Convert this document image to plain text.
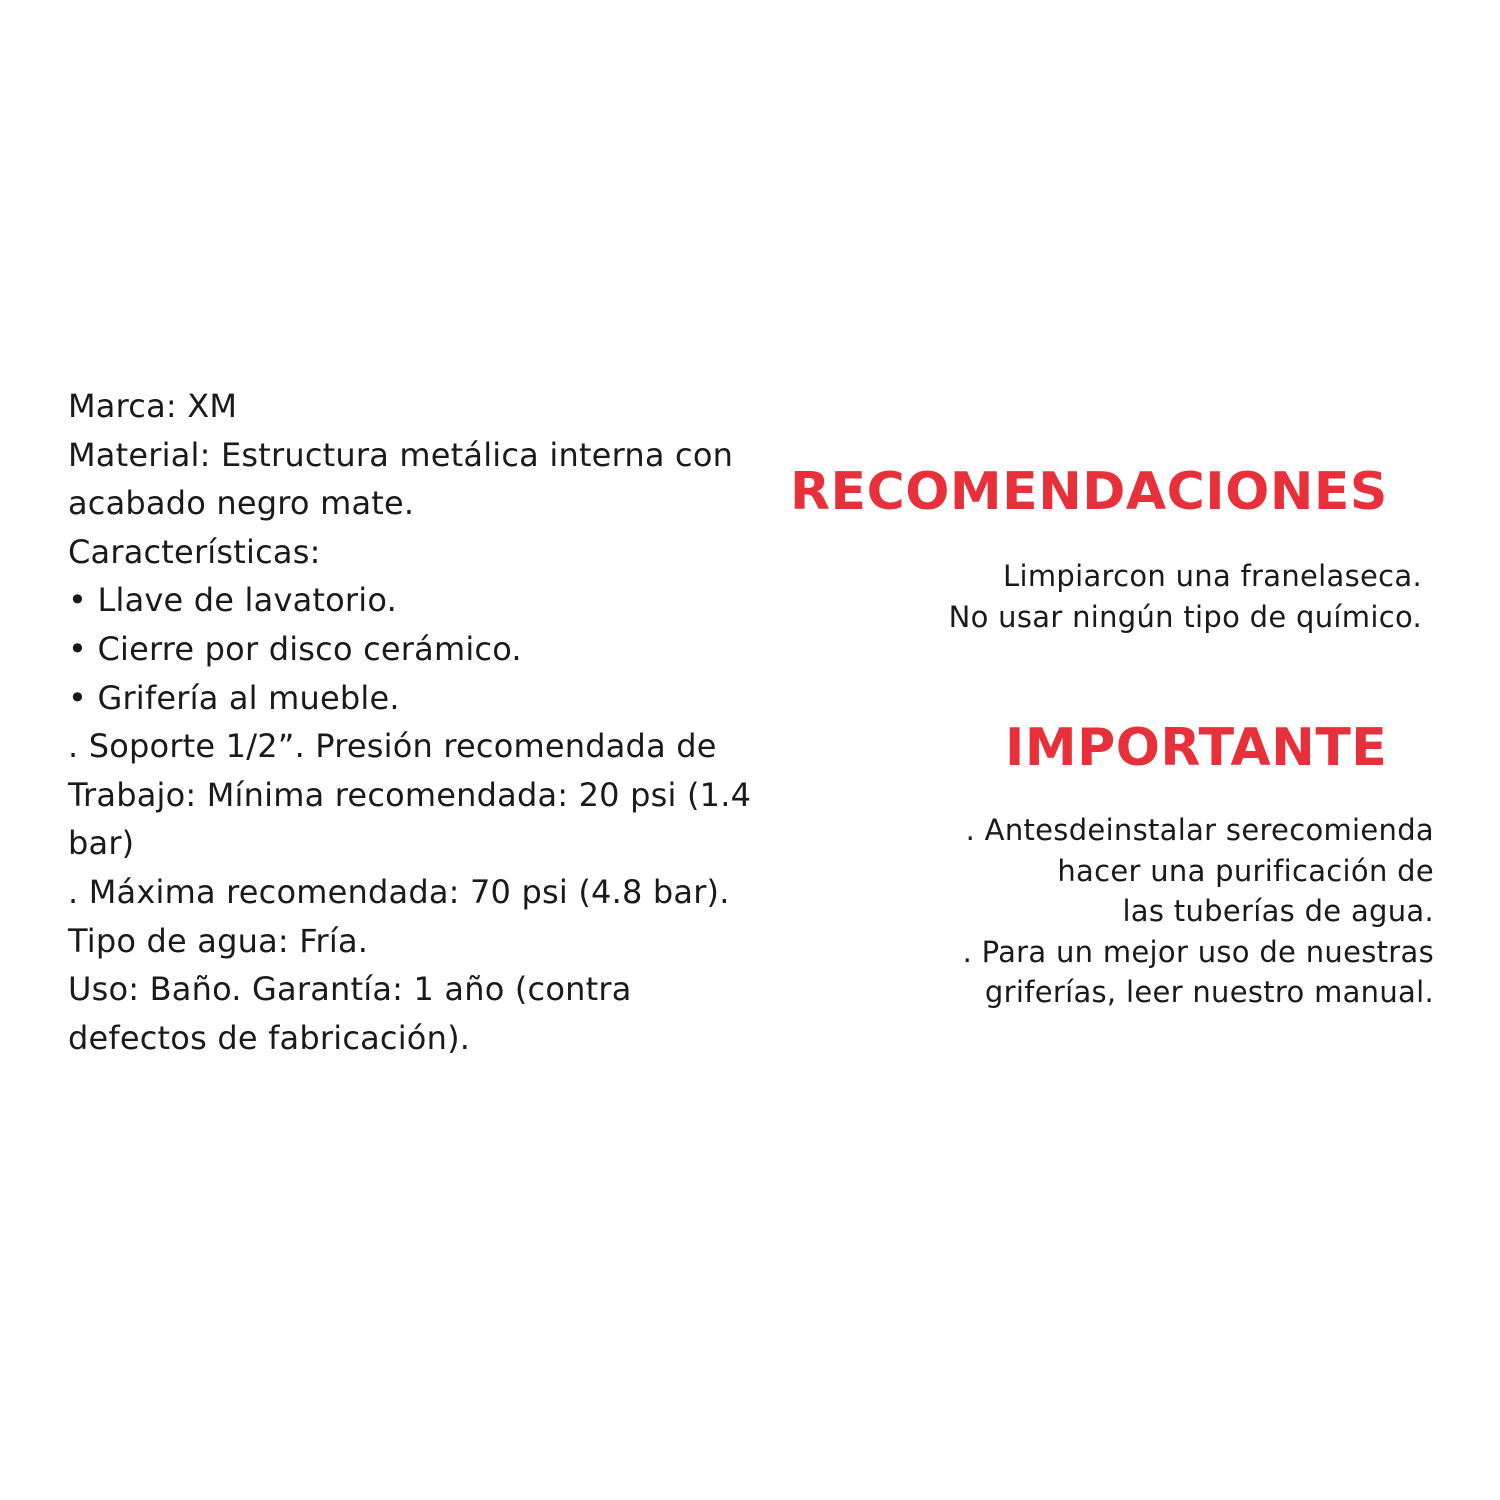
Marca: XM

Material: Estructura metálica interna con acabado negro mate.

Características:

• Llave de lavatorio.

• Cierre por disco cerámico.

• Grifería al mueble.

. Soporte 1/2”. Presión recomendada de Trabajo: Mínima recomendada: 20 psi (1.4 bar)

. Máxima recomendada: 70 psi (4.8 bar).

Tipo de agua: Fría.

Uso: Baño. Garantía: 1 año (contra defectos de fabricación).

RECOMENDACIONES

Limpiarcon una franelaseca.
No usar ningún tipo de químico.

IMPORTANTE

. Antesdeinstalar serecomienda
hacer una purificación de
las tuberías de agua.
. Para un mejor uso de nuestras
griferías, leer nuestro manual.
